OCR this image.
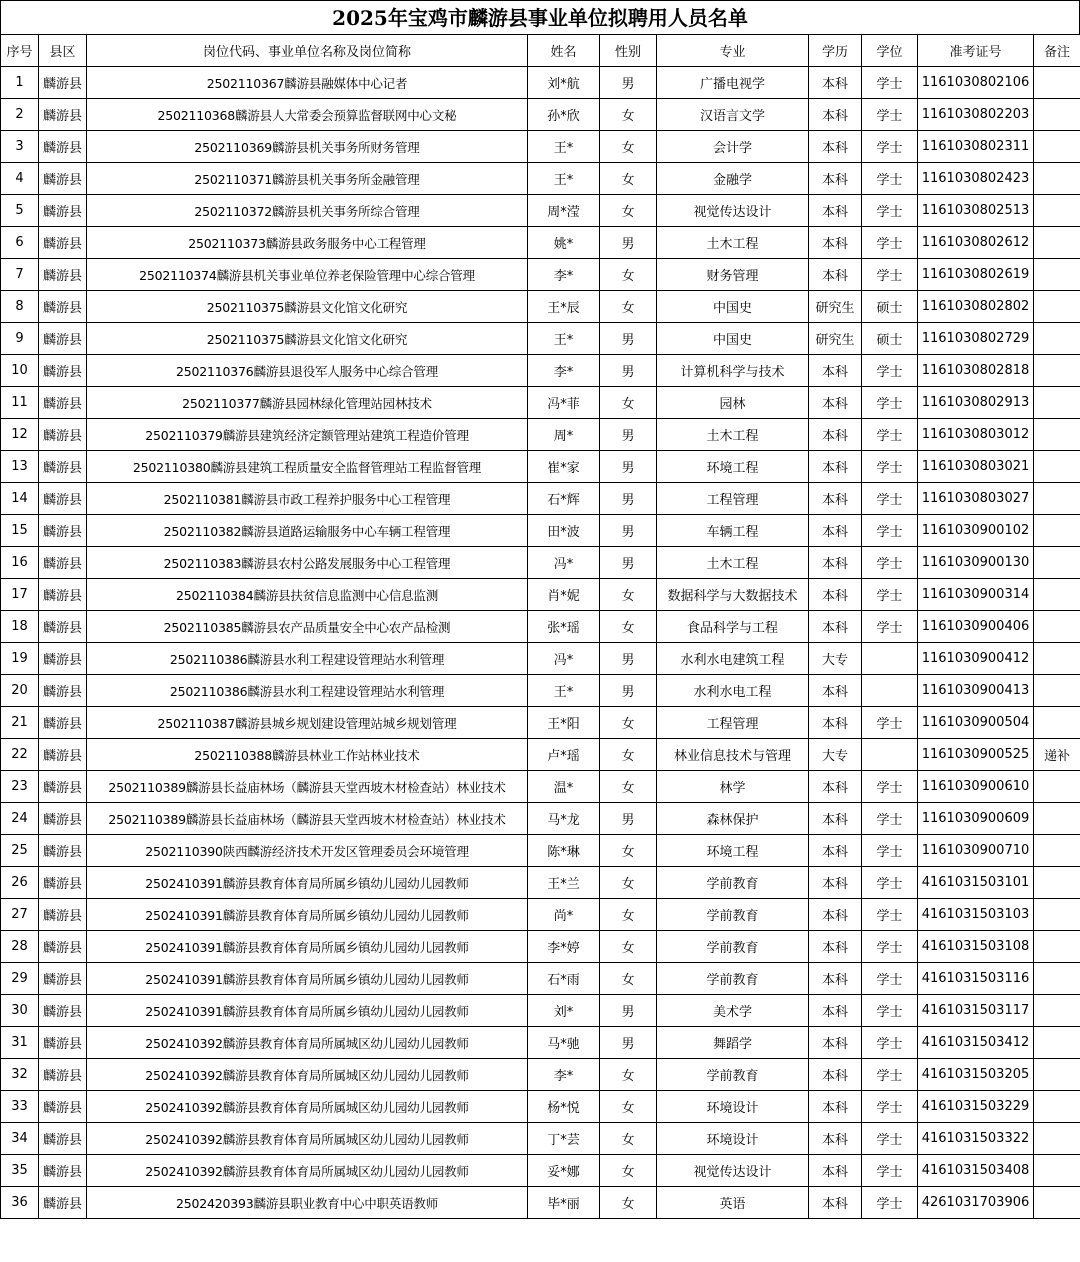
2025年宝鸡市麟游县事业单位拟聘用人员名单
序号	县区	岗位代码、事业单位名称及岗位简称	姓名	性别	专业	学历	学位	准考证号	备注
1	麟游县	2502110367麟游县融媒体中心记者	刘*航	男	广播电视学	本科	学士	1161030802106	
2	麟游县	2502110368麟游县人大常委会预算监督联网中心文秘	孙*欣	女	汉语言文学	本科	学士	1161030802203	
3	麟游县	2502110369麟游县机关事务所财务管理	王*	女	会计学	本科	学士	1161030802311	
4	麟游县	2502110371麟游县机关事务所金融管理	王*	女	金融学	本科	学士	1161030802423	
5	麟游县	2502110372麟游县机关事务所综合管理	周*滢	女	视觉传达设计	本科	学士	1161030802513	
6	麟游县	2502110373麟游县政务服务中心工程管理	姚*	男	土木工程	本科	学士	1161030802612	
7	麟游县	2502110374麟游县机关事业单位养老保险管理中心综合管理	李*	女	财务管理	本科	学士	1161030802619	
8	麟游县	2502110375麟游县文化馆文化研究	王*辰	女	中国史	研究生	硕士	1161030802802	
9	麟游县	2502110375麟游县文化馆文化研究	王*	男	中国史	研究生	硕士	1161030802729	
10	麟游县	2502110376麟游县退役军人服务中心综合管理	李*	男	计算机科学与技术	本科	学士	1161030802818	
11	麟游县	2502110377麟游县园林绿化管理站园林技术	冯*菲	女	园林	本科	学士	1161030802913	
12	麟游县	2502110379麟游县建筑经济定额管理站建筑工程造价管理	周*	男	土木工程	本科	学士	1161030803012	
13	麟游县	2502110380麟游县建筑工程质量安全监督管理站工程监督管理	崔*家	男	环境工程	本科	学士	1161030803021	
14	麟游县	2502110381麟游县市政工程养护服务中心工程管理	石*辉	男	工程管理	本科	学士	1161030803027	
15	麟游县	2502110382麟游县道路运输服务中心车辆工程管理	田*波	男	车辆工程	本科	学士	1161030900102	
16	麟游县	2502110383麟游县农村公路发展服务中心工程管理	冯*	男	土木工程	本科	学士	1161030900130	
17	麟游县	2502110384麟游县扶贫信息监测中心信息监测	肖*妮	女	数据科学与大数据技术	本科	学士	1161030900314	
18	麟游县	2502110385麟游县农产品质量安全中心农产品检测	张*瑶	女	食品科学与工程	本科	学士	1161030900406	
19	麟游县	2502110386麟游县水利工程建设管理站水利管理	冯*	男	水利水电建筑工程	大专		1161030900412	
20	麟游县	2502110386麟游县水利工程建设管理站水利管理	王*	男	水利水电工程	本科		1161030900413	
21	麟游县	2502110387麟游县城乡规划建设管理站城乡规划管理	王*阳	女	工程管理	本科	学士	1161030900504	
22	麟游县	2502110388麟游县林业工作站林业技术	卢*瑶	女	林业信息技术与管理	大专		1161030900525	递补
23	麟游县	2502110389麟游县长益庙林场（麟游县天堂西坡木材检查站）林业技术	温*	女	林学	本科	学士	1161030900610	
24	麟游县	2502110389麟游县长益庙林场（麟游县天堂西坡木材检查站）林业技术	马*龙	男	森林保护	本科	学士	1161030900609	
25	麟游县	2502110390陕西麟游经济技术开发区管理委员会环境管理	陈*琳	女	环境工程	本科	学士	1161030900710	
26	麟游县	2502410391麟游县教育体育局所属乡镇幼儿园幼儿园教师	王*兰	女	学前教育	本科	学士	4161031503101	
27	麟游县	2502410391麟游县教育体育局所属乡镇幼儿园幼儿园教师	尚*	女	学前教育	本科	学士	4161031503103	
28	麟游县	2502410391麟游县教育体育局所属乡镇幼儿园幼儿园教师	李*婷	女	学前教育	本科	学士	4161031503108	
29	麟游县	2502410391麟游县教育体育局所属乡镇幼儿园幼儿园教师	石*雨	女	学前教育	本科	学士	4161031503116	
30	麟游县	2502410391麟游县教育体育局所属乡镇幼儿园幼儿园教师	刘*	男	美术学	本科	学士	4161031503117	
31	麟游县	2502410392麟游县教育体育局所属城区幼儿园幼儿园教师	马*驰	男	舞蹈学	本科	学士	4161031503412	
32	麟游县	2502410392麟游县教育体育局所属城区幼儿园幼儿园教师	李*	女	学前教育	本科	学士	4161031503205	
33	麟游县	2502410392麟游县教育体育局所属城区幼儿园幼儿园教师	杨*悦	女	环境设计	本科	学士	4161031503229	
34	麟游县	2502410392麟游县教育体育局所属城区幼儿园幼儿园教师	丁*芸	女	环境设计	本科	学士	4161031503322	
35	麟游县	2502410392麟游县教育体育局所属城区幼儿园幼儿园教师	妥*娜	女	视觉传达设计	本科	学士	4161031503408	
36	麟游县	2502420393麟游县职业教育中心中职英语教师	毕*丽	女	英语	本科	学士	4261031703906	
